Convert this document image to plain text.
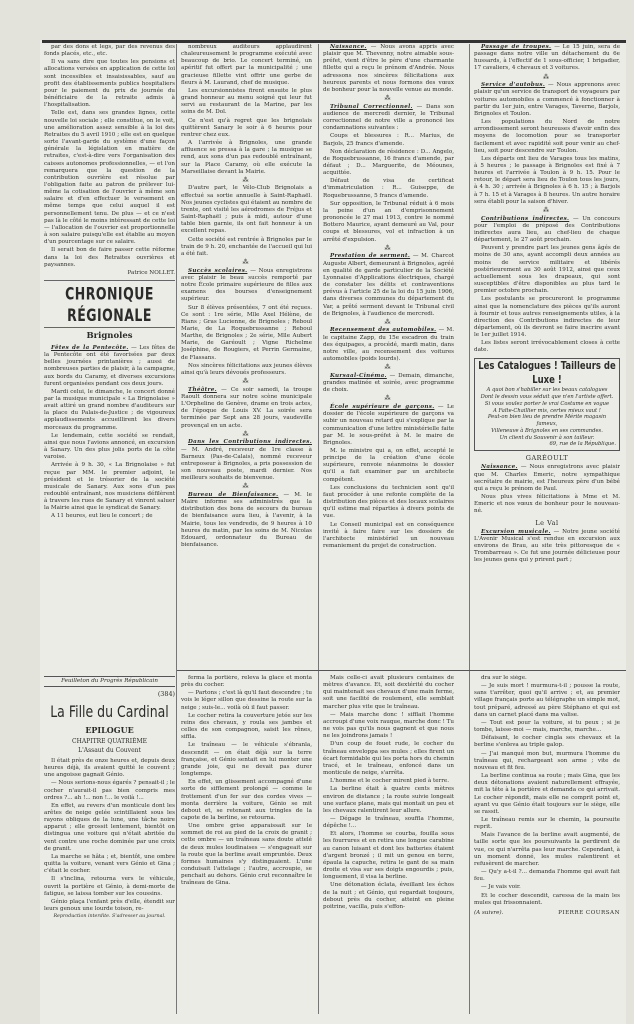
par des dons et legs, par des revenus des fonds placés, etc., etc.

Il va sans dire que toutes les pensions et allocations versées en application de cette loi sont incessibles et insaisissables, sauf au profit des établissements publics hospitaliers pour le paiement du prix de journée du bénéficiaire de la retraite admis à l'hospitalisation.

Telle est, dans ses grandes lignes, cette nouvelle loi sociale ; elle constitue, on le voit, une amélioration assez sensible à la loi des Retraites du 5 avril 1910 ; elle est en quelque sorte l'avant-garde du système d'une façon générale la législation en matière de retraites, c'est-à-dire vers l'organisation des caisses autonomes professionnelles, — et l'on remarquera que la question de la contribution ouvrière est résolue par l'obligation faite au patron de prélever lui-même la cotisation de l'ouvrier à même son salaire et d'en effectuer le versement en même temps que celui auquel il est personnellement tenu. De plus — et ce n'est pas là le côté le moins intéressant de cette loi — l'allocation de l'ouvrier est proportionnelle à son salaire puisqu'elle est établie au moyen d'un pourcentage sur ce salaire.

Il serait bon de faire passer cette réforme dans la loi des Retraites ouvrières et paysannes.

Patrice NOLLET.

CHRONIQUE RÉGIONALE
Brignoles

Fêtes de la Pentecôte. — Les fêtes de la Pentecôte ont été favorisées par deux belles journées printanières ; aussi de nombreuses parties de plaisir, à la campagne, aux bords du Caramy, et diverses excursions furent organisées pendant ces deux jours.

Mardi celui, le dimanche, le concert donné par la musique municipale « La Brignolaise » avait attiré un grand nombre d'auditeurs sur la place du Palais-de-Justice ; de vigoureux applaudissements accueillirent les divers morceaux du programme.

Le lendemain, cette société se rendait, ainsi que nous l'avions annoncé, en excursion à Sanary. Un des plus jolis ports de la côte varoise.

Arrivée à 9 h. 30, « La Brignolaise » fut reçue par MM. le premier adjoint, le président et le trésorier de la société musicale de Sanary. Aux sons d'un pas redoublé entraînant, nos musiciens défilèrent à travers les rues de Sanary et vinrent saluer la Mairie ainsi que le syndicat de Sanary.

A 11 heures, eut lieu le concert ; de

nombreux auditeurs applaudirent chaleureusement le programme exécuté avec beaucoup de brio. Le concert terminé, un apéritif fut offert par la municipalité ; une gracieuse fillette vint offrir une gerbe de fleurs à M. Laurand, chef de musique.

Les excursionnistes firent ensuite le plus grand honneur au menu soigné qui leur fut servi au restaurant de la Marine, par les soins de M. Dol.

Ce n'est qu'à regret que les brignolais quittèrent Sanary le soir à 6 heures pour rentrer chez eux.

A l'arrivée à Brignoles, une grande affluence se pressa à la gare ; la musique se rend, aux sons d'un pas redoublé entraînant, sur la Place Caramy, où elle exécute la Marseillaise devant la Mairie.

⁂

D'autre part, le Vélo-Club Brignolais a effectué sa sortie annuelle à Saint-Raphaël. Nos jeunes cyclistes qui étaient au nombre de trente, ont visité les aérodromes de Fréjus et Saint-Raphaël ; puis à midi, autour d'une table bien garnie, ils ont fait honneur à un excellent repas.

Cette société est rentrée à Brignoles par le train de 9 h. 20, enchantée de l'accueil qui lui a été fait.

⁂

Succès scolaires. — Nous enregistrons avec plaisir le beau succès remporté par notre École primaire supérieure de filles aux examens des bourses d'enseignement supérieur.

Sur 8 élèves présentées, 7 ont été reçues. Ce sont : 1re série, Mlle Axel Hélène, de Rians ; Gras Lucienne, de Brignoles ; Reboul Marie, de La Roquebrussanne ; Reboul Marthe, de Brignoles ; 2e série, Mlle Aubert Marie, de Garéoult ; Vigne Richelme Joséphine, de Rougiers, et Perrin Germaine, de Flassans.

Nos sincères félicitations aux jeunes élèves ainsi qu'à leurs dévoués professeurs.

⁂

Théâtre. — Ce soir samedi, la troupe Raoult donnera sur notre scène municipale L'Orpheline de Genève, drame en trois actes, de l'époque de Louis XV. La soirée sera terminée par Sept ans 28 jours, vaudeville provençal en un acte.

⁂

Dans les Contributions indirectes. — M. André, receveur de 1re classe à Barneux (Pas-de-Calais), nommé receveur entreposeur à Brignoles, a pris possession de son nouveau poste, mardi dernier. Nos meilleurs souhaits de bienvenue.

⁂

Bureau de Bienfaisance. — M. le Maire informe ses administrés que la distribution des bons de secours du bureau de bienfaisance aura lieu, à l'avenir, à la Mairie, tous les vendredis, de 9 heures à 10 heures du matin, par les soins de M. Nicolas Edouard, ordonnateur du Bureau de bienfaisance.

Naissance. — Nous avons appris avec plaisir que M. Thevenny, notre aimable sous-préfet, vient d'être le père d'une charmante fillette qui a reçu le prénom d'Andrée. Nous adressons nos sincères félicitations aux heureux parents et nous formons des vœux de bonheur pour la nouvelle venue au monde.

⁂

Tribunal Correctionnel. — Dans son audience de mercredi dernier, le Tribunal correctionnel de notre ville a prononcé les condamnations suivantes :

Coups et blessures : R... Marius, de Barjols, 25 francs d'amende.

Non déclaration de résidence : D... Angelo, de Roquebrussanne, 16 francs d'amende, par défaut ; D... Marguerite, de Méounes, acquittée.

Défaut de visa de certificat d'immatriculation : R... Guiseppe, de Roquebrussanne, 5 francs d'amende.

Sur opposition, le Tribunal réduit à 6 mois la peine d'un an d'emprisonnement prononcée le 27 mai 1913, contre le nommé Bottero Maurice, ayant demeuré au Val, pour coups et blessures, vol et infraction à un arrêté d'expulsion.

⁂

Prestation de serment. — M. Charcot Auguste Albert, demeurant à Brignoles, agréé en qualité de garde particulier de la Société Lyonnaise d'Applications électriques, chargé de constater les délits et contraventions prévus à l'article 25 de la loi du 15 juin 1906, dans diverses communes du département du Var, a prêté serment devant le Tribunal civil de Brignoles, à l'audience de mercredi.

⁂

Recensement des automobiles. — M. le capitaine Zapp, du 15e escadron du train des équipages, a procédé, mardi matin, dans notre ville, au recensement des voitures automobiles (poids lourds).

⁂

Kursaal-Cinéma. — Demain, dimanche, grandes matinée et soirée, avec programme de choix.

⁂

École supérieure de garçons. — Le dossier de l'école supérieure de garçons va subir un nouveau retard qui s'explique par la communication d'une lettre ministérielle faite par M. le sous-préfet à M. le maire de Brignoles.

M. le ministre qui a, on effet, accepté le principe de la création d'une école supérieure, renvoie néanmoins le dossier qu'il a fait examiner par un architecte compétent.

Les conclusions du technicien sont qu'il faut procéder à une refonte complète de la distribution des pièces et des locaux scolaires qu'il estime mal réparties à divers points de vue.

Le Conseil municipal est en conséquence invité à faire faire sur les dossiers de l'architecte ministériel un nouveau remaniement du projet de construction.

Passage de troupes. — Le 15 juin, sera de passage dans notre ville un détachement du 6e hussards, à l'effectif de 1 sous-officier, 1 brigadier, 17 cavaliers, 4 chevaux et 3 voitures.

⁂

Service d'autobus. — Nous apprenons avec plaisir qu'un service de transport de voyageurs par voitures automobiles a commencé à fonctionner à partir du 1er juin, entre Varages, Taverne, Barjols, Brignoles et Toulon.

Les populations du Nord de notre arrondissement seront heureuses d'avoir enfin des moyens de locomotion pour se transporter facilement et avec rapidité soit pour venir au chef-lieu, soit pour descendre sur Toulon.

Les départs ont lieu de Varages tous les matins, à 5 heures ; le passage à Brignoles est fixé à 7 heures et l'arrivée à Toulon à 9 h. 15. Pour le retour, le départ sera lieu de Toulon tous les jours, à 4 h. 30 ; arrivée à Brignoles à 6 h. 15 ; à Barjols à 7 h. 15 et à Varages à 8 heures. Un autre horaire sera établi pour la saison d'hiver.

⁂

Contributions indirectes. — Un concours pour l'emploi de préposé des Contributions indirectes aura lieu, au chef-lieu de chaque département, le 27 août prochain.

Peuvent y prendre part les jeunes gens âgés de moins de 30 ans, ayant accompli deux années au moins de service militaire et libérés postérieurement au 30 août 1912, ainsi que ceux actuellement sous les drapeaux, qui sont susceptibles d'être disponibles au plus tard le premier octobre prochain.

Les postulants se procureront le programme ainsi que la nomenclature des pièces qu'ils auront à fournir et tous autres renseignements utiles, à la direction des Contributions indirectes de leur département, où ils devront se faire inscrire avant le 1er juillet 1914.

Les listes seront irrévocablement closes à cette date.

Les Catalogues ! Tailleurs de Luxe !

A quoi bon s'habiller sur les beaux catalogues

Dont le dessin vous séduit que n'en l'artiste offert.

Si vous voulez porter le vrai Costume en vogue

A Faïte-Chaillier mis, certes mieux vaut !

Peut-on bien lieu de prendre Mérite magasin fameux,

Villeneuve à Brignoles en ses commandes.

Un client du Souvenir à son tailleur.

69, rue de la République.

GARÉOULT

Naissance. — Nous enregistrons avec plaisir que M. Charles Emeric, notre sympathique secrétaire de mairie, est l'heureux père d'un bébé qui a reçu le prénom de Paul.

Nous plus vives félicitations à Mme et M. Emeric et nos vœux de bonheur pour le nouveau-né.

Le Val

Excursion musicale. — Notre jeune société L'Avenir Musical s'est rendue en excursion aux environs de Brau, au site très pittoresque de « Trombarreau ». Ce fut une journée délicieuse pour les jeunes gens qui y prirent part ;

Feuilleton du Progrès Républicain
(384)
La Fille du Cardinal
EPILOGUE
CHAPITRE QUATRIÈME
L'Assaut du Couvent

Il était près de onze heures et, depuis deux heures déjà, ils avaient quitté le couvent ; une angoisse gagnait Génio.

— Nous serions-nous égarés ? pensait-il ; le cocher n'aurait-il pas bien compris mes ordres ?... ah !... non !... le voilà !...

En effet, au revers d'un monticule dont les arêtes de neige gelée scintillaient sous les rayons obliques de la lune, une tâche noire apparut ; elle grossit lentement, bientôt on distingua une voiture qui n'était abritée du vent contre une roche dominée par une croix de granit.

La marche se hâta ; et, bientôt, une ombre quitta la voiture, venant vers Génio et Gina ; c'était le cocher.

Il s'inclina, retourna vers le véhicule, ouvrit la portière et Génio, à demi-morte de fatigue, se laissa tomber sur les coussins.

Génio plaça l'enfant près d'elle, étendit sur leurs genoux une lourde toison, re-

Reproduction interdite. S'adresser au journal.

ferma la portière, releva la glace et monta près du cocher.

— Partons ; c'est là qu'il faut descendre ; tu vois le léger sillon que dessine la route sur la neige ; suis-le... voilà où il faut passer.

Le cocher retira la couverture jetée sur les reins des chevaux, y roula ses jambes et celles de son compagnon, saisit les rênes, siffla.

Le traîneau — le véhicule s'ébranla, descendit — on était déjà sur la terre française, et Génio sentait en lui monter une grande joie, qui ne devait pas durer longtemps.

En effet, un glissement accompagné d'une sorte de sifflement prolongé — comme le frottement d'un fer sur des cordes vives — monta derrière la voiture, Génio se mit debout et, se retenant aux tringles de la capote de la berline, se retourna.

Une ombre grise apparaissait sur le sommet de roi au pied de la croix de granit ; cette ombre — un traîneau sans doute attelé de deux mules loudinaises — s'engageait sur la route que la berline avait empruntée. Deux formes humaines s'y distinguaient. L'une conduisait l'attelage ; l'autre, accroupie, se penchait au dehors. Génio crut reconnaître le traîneau de Gina.

Mais celle-ci avait plusieurs centaines de mètres d'avance. Et, soit dextérité du cocher qui maintenait ses chevaux d'une main ferme, soit une facilité de roulement, elle semblait marcher plus vite que le traîneau.

— Mais marche donc ! sifflait l'homme accroupi d'une voix rauque, marche donc ! Tu ne vois pas qu'ils nous gagnent et que nous ne les joindrons jamais !

D'un coup de fouet rude, le cocher du traîneau enveloppa ses mules ; elles firent un écart formidable qui les porta hors du chemin tracé, et le traîneau, enfoncé dans un monticule de neige, s'arrêta.

L'homme et le cocher mirent pied à terre.

La berline était à quatre cents mètres environ de distance ; la route suivie longeait une surface plane, mais qui montait un peu et les chevaux ralentirent leur allure.

— Dégage le traîneau, souffla l'homme, dépêche !...

Et alors, l'homme se courba, fouilla sous les fourrures et en retira une longue carabine au canon luisant et dont les batteries étaient d'argent bronzé ; il mit un genou en terre, épaula la capuche, retira le gant de sa main droite et visa sur ses doigts engourdis ; puis, longuement, il visa la berline.

Une détonation éclata, éveillant les échos de la nuit ; et Génio, qui regardait toujours, debout près du cocher, atteint en pleine poitrine, vacilla, puis s'effon-

dra sur le siège.

— Je suis mort ! murmura-t-il ; pousse la route, sans t'arrêter, quoi qu'il arrive ; et, au premier village français porte au télégraphe un simple mot, tout préparé, adressé au père Stéphano et qui est dans un carnet placé dans ma valise.

— Tout est pour la voiture, si tu peux ; si je tombe, laisse-moi — mais, marche, marche...

Défaisant, le cocher cingla ses chevaux et la berline s'enleva au triple galop.

— J'ai manqué mon but, murmura l'homme du traîneau qui, rechargeant son arme ; vite de nouveau et fit feu.

La berline continua sa route ; mais Gina, que les deux détonations avaient naturellement effrayée, mit la tête à la portière et demanda ce qui arrivait. Le cocher répondit, mais elle ne comprit point et, ayant vu que Génio était toujours sur le siège, elle se rassit.

Le traîneau remis sur le chemin, la poursuite reprit.

Mais l'avance de la berline avait augmenté, de taille sorte que les poursuivants la perdirent de vue, ce qui n'arrêta pas leur marche. Cependant, à un moment donné, les mules ralentirent et refusèrent de marcher.

— Qu'y a-t-il ?... demanda l'homme qui avait fait feu.

— Je vais voir.

Et le cocher descendit, caressa de la main les mules qui frissonnaient.

(A suivre).	PIERRE COURSAN
